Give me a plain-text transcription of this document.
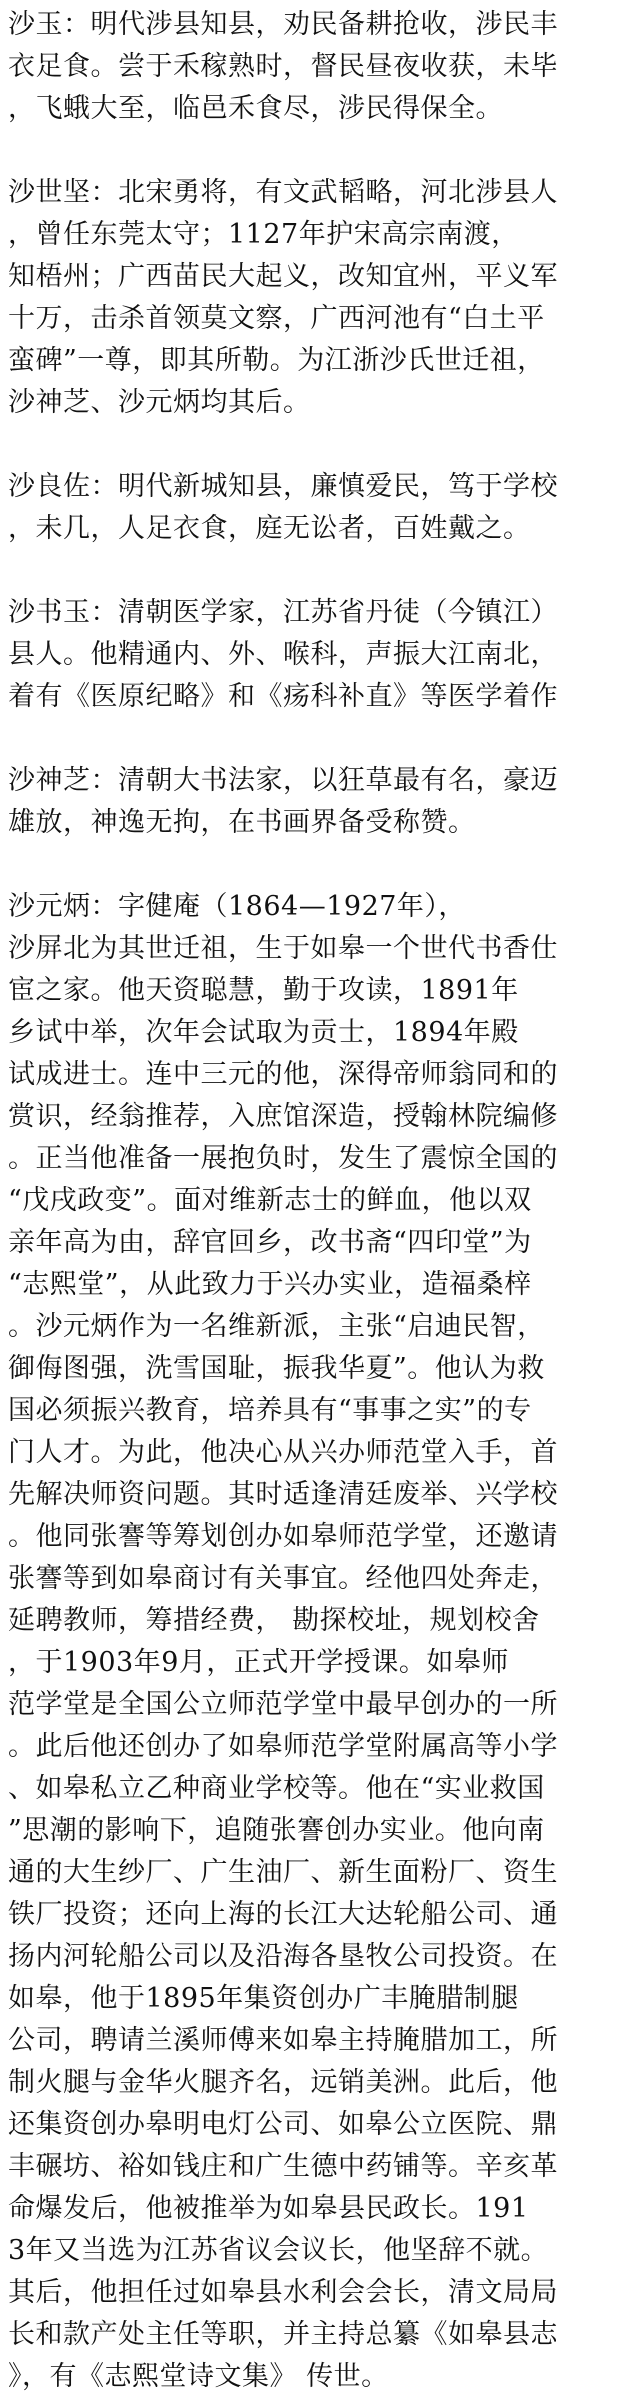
沙玉：明代涉县知县，劝民备耕抢收，涉民丰
衣足食。尝于禾稼熟时，督民昼夜收获，未毕
，飞蛾大至，临邑禾食尽，涉民得保全。
沙世坚：北宋勇将，有文武韬略，河北涉县人
，曾任东莞太守；1127年护宋高宗南渡，
知梧州；广西苗民大起义，改知宜州，平义军
十万，击杀首领莫文察，广西河池有“白土平
蛮碑”一尊，即其所勒。为江浙沙氏世迁祖，
沙神芝、沙元炳均其后。
沙良佐：明代新城知县，廉慎爱民，笃于学校
，未几，人足衣食，庭无讼者，百姓戴之。
沙书玉：清朝医学家，江苏省丹徒（今镇江）
县人。他精通内、外、喉科，声振大江南北，
着有《医原纪略》和《疡科补直》等医学着作
沙神芝：清朝大书法家，以狂草最有名，豪迈
雄放，神逸无拘，在书画界备受称赞。
沙元炳：字健庵（1864—1927年），
沙屏北为其世迁祖，生于如皋一个世代书香仕
宦之家。他天资聪慧，勤于攻读，1891年
乡试中举，次年会试取为贡士，1894年殿
试成进士。连中三元的他，深得帝师翁同和的
赏识，经翁推荐，入庶馆深造，授翰林院编修
。正当他准备一展抱负时，发生了震惊全国的
“戊戌政变”。面对维新志士的鲜血，他以双
亲年高为由，辞官回乡，改书斋“四印堂”为
“志熙堂”，从此致力于兴办实业，造福桑梓
。沙元炳作为一名维新派，主张“启迪民智，
御侮图强，洗雪国耻，振我华夏”。他认为救
国必须振兴教育，培养具有“事事之实”的专
门人才。为此，他决心从兴办师范堂入手，首
先解决师资问题。其时适逢清廷废举、兴学校
。他同张謇等筹划创办如皋师范学堂，还邀请
张謇等到如皋商讨有关事宜。经他四处奔走，
延聘教师，筹措经费， 勘探校址，规划校舍
，于1903年9月，正式开学授课。如皋师
范学堂是全国公立师范学堂中最早创办的一所
。此后他还创办了如皋师范学堂附属高等小学
、如皋私立乙种商业学校等。他在“实业救国
”思潮的影响下，追随张謇创办实业。他向南
通的大生纱厂、广生油厂、新生面粉厂、资生
铁厂投资；还向上海的长江大达轮船公司、通
扬内河轮船公司以及沿海各垦牧公司投资。在
如皋，他于1895年集资创办广丰腌腊制腿
公司，聘请兰溪师傅来如皋主持腌腊加工，所
制火腿与金华火腿齐名，远销美洲。此后，他
还集资创办皋明电灯公司、如皋公立医院、鼎
丰碾坊、裕如钱庄和广生德中药铺等。辛亥革
命爆发后，他被推举为如皋县民政长。191
3年又当选为江苏省议会议长，他坚辞不就。
其后，他担任过如皋县水利会会长，清文局局
长和款产处主任等职，并主持总纂《如皋县志
》，有《志熙堂诗文集》 传世。
